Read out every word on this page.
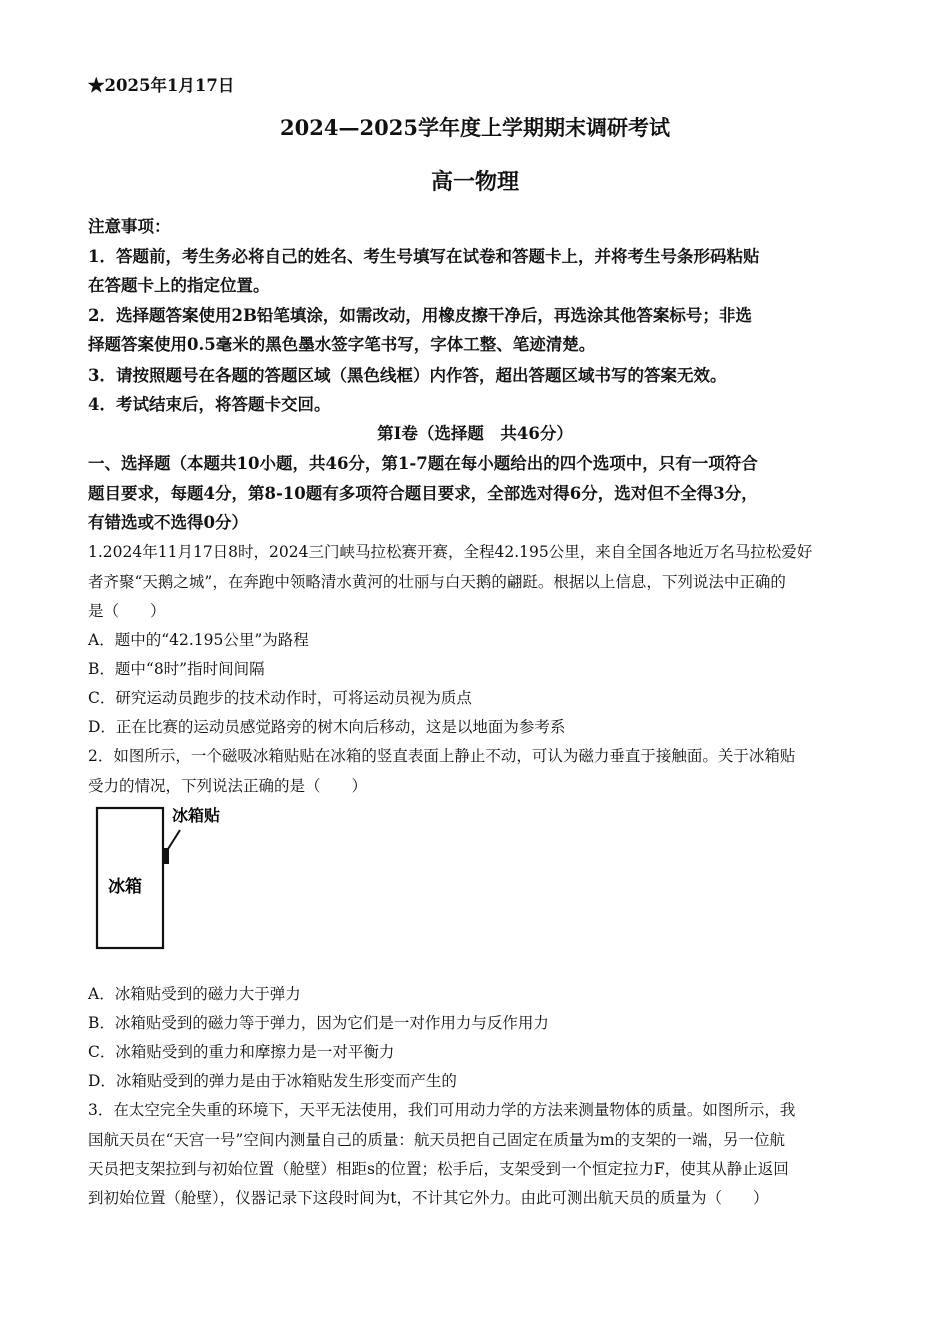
★2025年1月17日
2024—2025学年度上学期期末调研考试
高一物理
注意事项：
1．答题前，考生务必将自己的姓名、考生号填写在试卷和答题卡上，并将考生号条形码粘贴
在答题卡上的指定位置。
2．选择题答案使用2B铅笔填涂，如需改动，用橡皮擦干净后，再选涂其他答案标号；非选
择题答案使用0.5毫米的黑色墨水签字笔书写，字体工整、笔迹清楚。
3．请按照题号在各题的答题区域（黑色线框）内作答，超出答题区域书写的答案无效。
4．考试结束后，将答题卡交回。
第Ⅰ卷（选择题　共46分）
一、选择题（本题共10小题，共46分，第1-7题在每小题给出的四个选项中，只有一项符合
题目要求，每题4分，第8-10题有多项符合题目要求，全部选对得6分，选对但不全得3分，
有错选或不选得0分）
1.2024年11月17日8时，2024三门峡马拉松赛开赛，全程42.195公里，来自全国各地近万名马拉松爱好
者齐聚“天鹅之城”，在奔跑中领略清水黄河的壮丽与白天鹅的翩跹。根据以上信息，下列说法中正确的
是（　　）
A．题中的“42.195公里”为路程
B．题中“8时”指时间间隔
C．研究运动员跑步的技术动作时，可将运动员视为质点
D．正在比赛的运动员感觉路旁的树木向后移动，这是以地面为参考系
2．如图所示，一个磁吸冰箱贴贴在冰箱的竖直表面上静止不动，可认为磁力垂直于接触面。关于冰箱贴
受力的情况，下列说法正确的是（　　）
冰箱
冰箱贴
A．冰箱贴受到的磁力大于弹力
B．冰箱贴受到的磁力等于弹力，因为它们是一对作用力与反作用力
C．冰箱贴受到的重力和摩擦力是一对平衡力
D．冰箱贴受到的弹力是由于冰箱贴发生形变而产生的
3．在太空完全失重的环境下，天平无法使用，我们可用动力学的方法来测量物体的质量。如图所示，我
国航天员在“天宫一号”空间内测量自己的质量：航天员把自己固定在质量为m的支架的一端，另一位航
天员把支架拉到与初始位置（舱壁）相距s的位置；松手后，支架受到一个恒定拉力F，使其从静止返回
到初始位置（舱壁），仪器记录下这段时间为t，不计其它外力。由此可测出航天员的质量为（　　）
